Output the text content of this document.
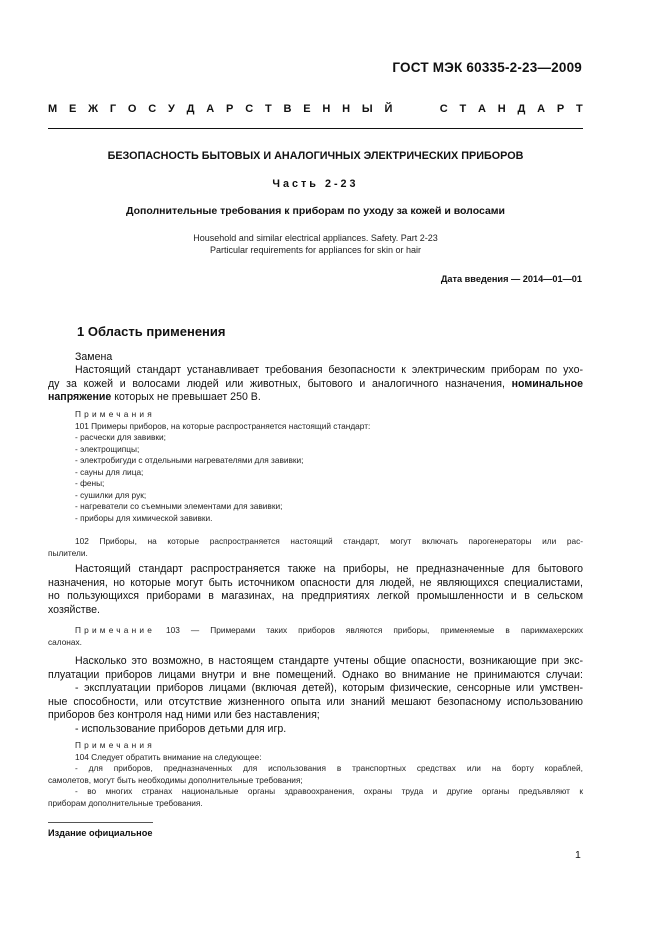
ГОСТ МЭК 60335-2-23—2009
М Е Ж Г О С У Д А Р С Т В Е Н Н Ы Й	С Т А Н Д А Р Т
БЕЗОПАСНОСТЬ БЫТОВЫХ И АНАЛОГИЧНЫХ ЭЛЕКТРИЧЕСКИХ ПРИБОРОВ
Часть 2-23
Дополнительные требования к приборам по уходу за кожей и волосами
Household and similar electrical appliances. Safety. Part 2-23
Particular requirements for appliances for skin or hair
Дата введения — 2014—01—01
1 Область применения
Замена
Настоящий стандарт устанавливает требования безопасности к электрическим приборам по ухо-
ду за кожей и волосами людей или животных, бытового и аналогичного назначения, номинальное
напряжение которых не превышает 250 В.
Примечания
101 Примеры приборов, на которые распространяется настоящий стандарт:
- расчески для завивки;
- электрощипцы;
- электробигуди с отдельными нагревателями для завивки;
- сауны для лица;
- фены;
- сушилки для рук;
- нагреватели со съемными элементами для завивки;
- приборы для химической завивки.
102 Приборы, на которые распространяется настоящий стандарт, могут включать парогенераторы или рас-
пылители.
Настоящий стандарт распространяется также на приборы, не предназначенные для бытового
назначения, но которые могут быть источником опасности для людей, не являющихся специалистами,
но пользующихся приборами в магазинах, на предприятиях легкой промышленности и в сельском
хозяйстве.
Примечание 103 — Примерами таких приборов являются приборы, применяемые в парикмахерских
салонах.
Насколько это возможно, в настоящем стандарте учтены общие опасности, возникающие при экс-
плуатации приборов лицами внутри и вне помещений. Однако во внимание не принимаются случаи:
- эксплуатации приборов лицами (включая детей), которым физические, сенсорные или умствен-
ные способности, или отсутствие жизненного опыта или знаний мешают безопасному использованию
приборов без контроля над ними или без наставления;
- использование приборов детьми для игр.
Примечания
104 Следует обратить внимание на следующее:
- для приборов, предназначенных для использования в транспортных средствах или на борту кораблей,
самолетов, могут быть необходимы дополнительные требования;
- во многих странах национальные органы здравоохранения, охраны труда и другие органы предъявляют к
приборам дополнительные требования.
Издание официальное
1
